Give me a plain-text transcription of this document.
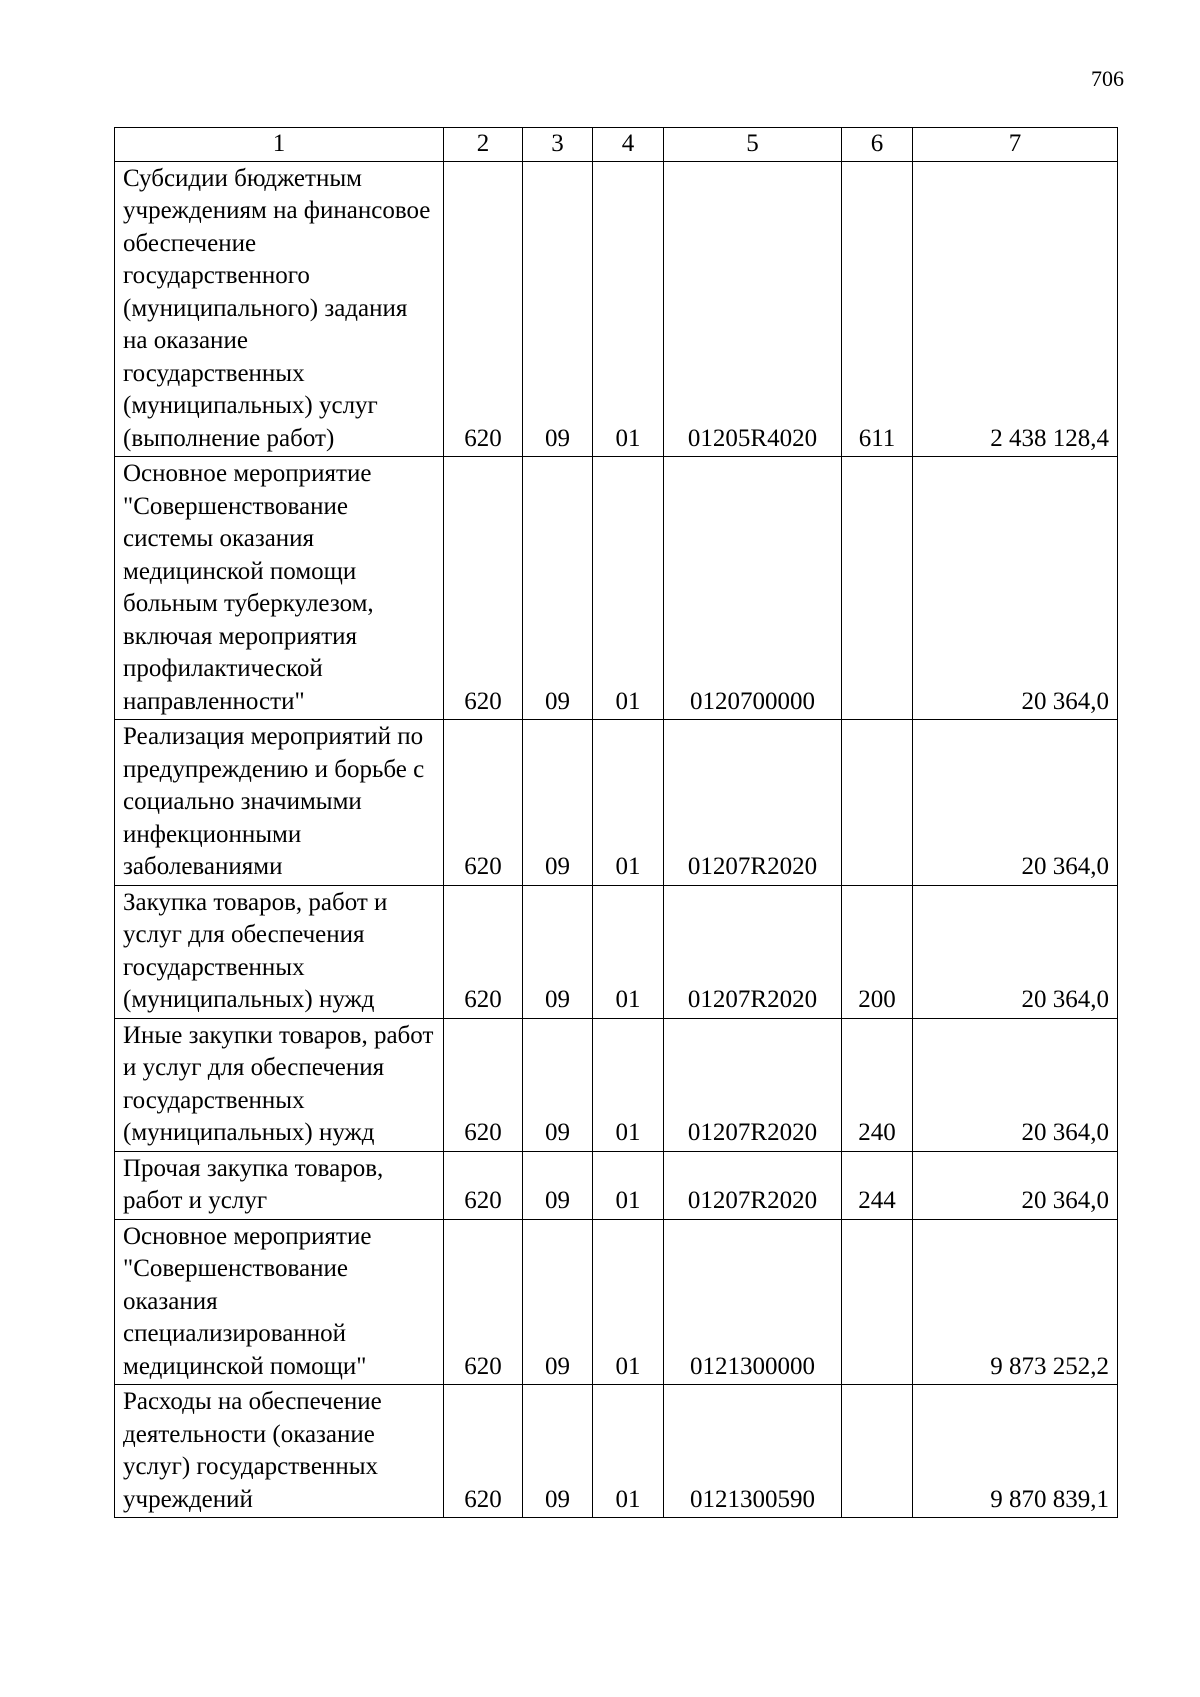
706
1	2	3	4	5	6	7
Субсидии бюджетным учреждениям на финансовое обеспечение государственного (муниципального) задания на оказание государственных (муниципальных) услуг (выполнение работ)	620	09	01	01205R4020	611	2 438 128,4
Основное мероприятие "Совершенствование системы оказания медицинской помощи больным туберкулезом, включая мероприятия профилактической направленности"	620	09	01	0120700000		20 364,0
Реализация мероприятий по предупреждению и борьбе с социально значимыми инфекционными заболеваниями	620	09	01	01207R2020		20 364,0
Закупка товаров, работ и услуг для обеспечения государственных (муниципальных) нужд	620	09	01	01207R2020	200	20 364,0
Иные закупки товаров, работ и услуг для обеспечения государственных (муниципальных) нужд	620	09	01	01207R2020	240	20 364,0
Прочая закупка товаров, работ и услуг	620	09	01	01207R2020	244	20 364,0
Основное мероприятие "Совершенствование оказания специализированной медицинской помощи"	620	09	01	0121300000		9 873 252,2
Расходы на обеспечение деятельности (оказание услуг) государственных учреждений	620	09	01	0121300590		9 870 839,1
